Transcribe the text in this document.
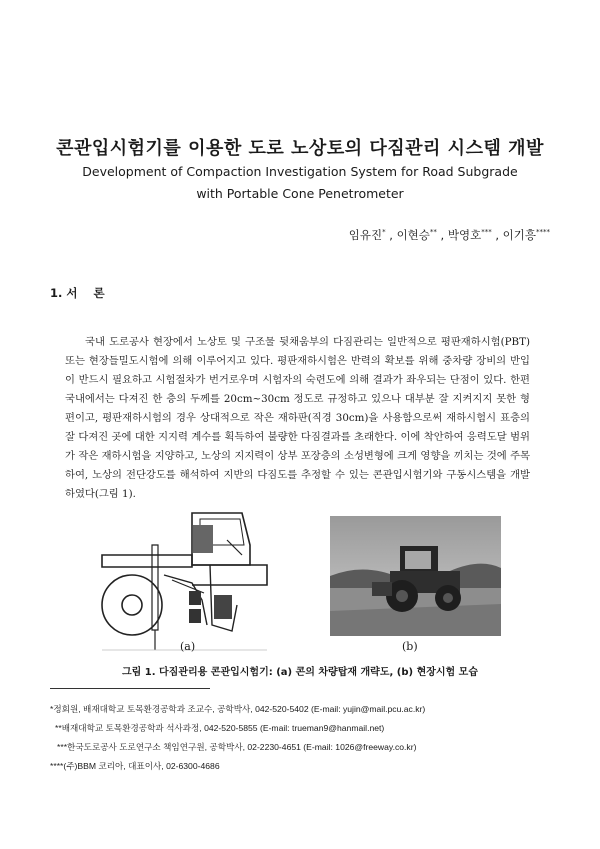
콘관입시험기를 이용한 도로 노상토의 다짐관리 시스템 개발
Development of Compaction Investigation System for Road Subgrade
with Portable Cone Penetrometer
임유진* , 이현승** , 박영호*** , 이기흥****
1. 서    론
국내 도로공사 현장에서 노상토 및 구조물 뒷채움부의 다짐관리는 일반적으로 평판재하시험(PBT) 또는 현장들밀도시험에 의해 이루어지고 있다. 평판재하시험은 반력의 확보를 위해 중차량 장비의 반입이 반드시 필요하고 시험절차가 번거로우며 시험자의 숙련도에 의해 결과가 좌우되는 단점이 있다. 한편 국내에서는 다져진 한 층의 두께를 20cm~30cm 정도로 규정하고 있으나 대부분 잘 지켜지지 못한 형편이고, 평판재하시험의 경우 상대적으로 작은 재하판(직경 30cm)을 사용함으로써 재하시험시 표층의 잘 다져진 곳에 대한 지지력 계수를 획득하여 불량한 다짐결과를 초래한다. 이에 착안하여 응력도달 범위가 작은 재하시험을 지양하고, 노상의 지지력이 상부 포장층의 소성변형에 크게 영향을 끼치는 것에 주목하여, 노상의 전단강도를 해석하여 지반의 다짐도를 추정할 수 있는 콘관입시험기와 구동시스템을 개발하였다(그림 1).
(a)	(b)
그림 1. 다짐관리용 콘관입시험기: (a) 콘의 차량탑재 개략도, (b) 현장시험 모습
*정회원, 배재대학교 토목환경공학과 조교수, 공학박사, 042-520-5402 (E-mail: yujin@mail.pcu.ac.kr)
**배재대학교 토목환경공학과 석사과정, 042-520-5855 (E-mail: trueman9@hanmail.net)
***한국도로공사 도로연구소 책임연구원, 공학박사, 02-2230-4651 (E-mail: 1026@freeway.co.kr)
****(주)BBM 코리아, 대표이사, 02-6300-4686
